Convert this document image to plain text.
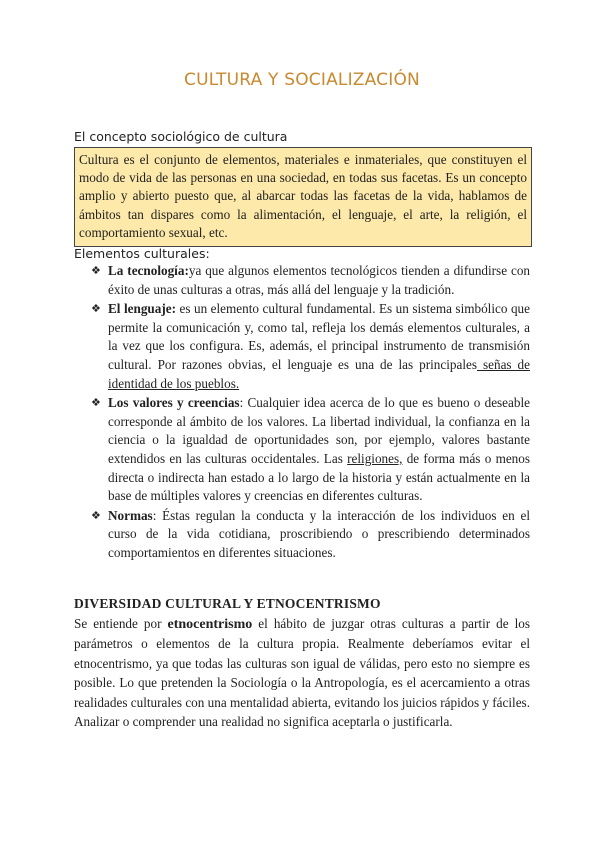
CULTURA Y SOCIALIZACIÓN
El concepto sociológico de cultura
Cultura es el conjunto de elementos, materiales e inmateriales, que constituyen el modo de vida de las personas en una sociedad, en todas sus facetas. Es un concepto amplio y abierto puesto que, al abarcar todas las facetas de la vida, hablamos de ámbitos tan dispares como la alimentación, el lenguaje, el arte, la religión, el comportamiento sexual, etc.
Elementos culturales:
❖ La tecnología:ya que algunos elementos tecnológicos tienden a difundirse con éxito de unas culturas a otras, más allá del lenguaje y la tradición.
❖ El lenguaje: es un elemento cultural fundamental. Es un sistema simbólico que permite la comunicación y, como tal, refleja los demás elementos culturales, a la vez que los configura. Es, además, el principal instrumento de transmisión cultural. Por razones obvias, el lenguaje es una de las principales señas de identidad de los pueblos.
❖ Los valores y creencias: Cualquier idea acerca de lo que es bueno o deseable corresponde al ámbito de los valores. La libertad individual, la confianza en la ciencia o la igualdad de oportunidades son, por ejemplo, valores bastante extendidos en las culturas occidentales. Las religiones, de forma más o menos directa o indirecta han estado a lo largo de la historia y están actualmente en la base de múltiples valores y creencias en diferentes culturas.
❖ Normas: Éstas regulan la conducta y la interacción de los individuos en el curso de la vida cotidiana, proscribiendo o prescribiendo determinados comportamientos en diferentes situaciones.
DIVERSIDAD CULTURAL Y ETNOCENTRISMO
Se entiende por etnocentrismo el hábito de juzgar otras culturas a partir de los parámetros o elementos de la cultura propia. Realmente deberíamos evitar el etnocentrismo, ya que todas las culturas son igual de válidas, pero esto no siempre es posible. Lo que pretenden la Sociología o la Antropología, es el acercamiento a otras realidades culturales con una mentalidad abierta, evitando los juicios rápidos y fáciles. Analizar o comprender una realidad no significa aceptarla o justificarla.
